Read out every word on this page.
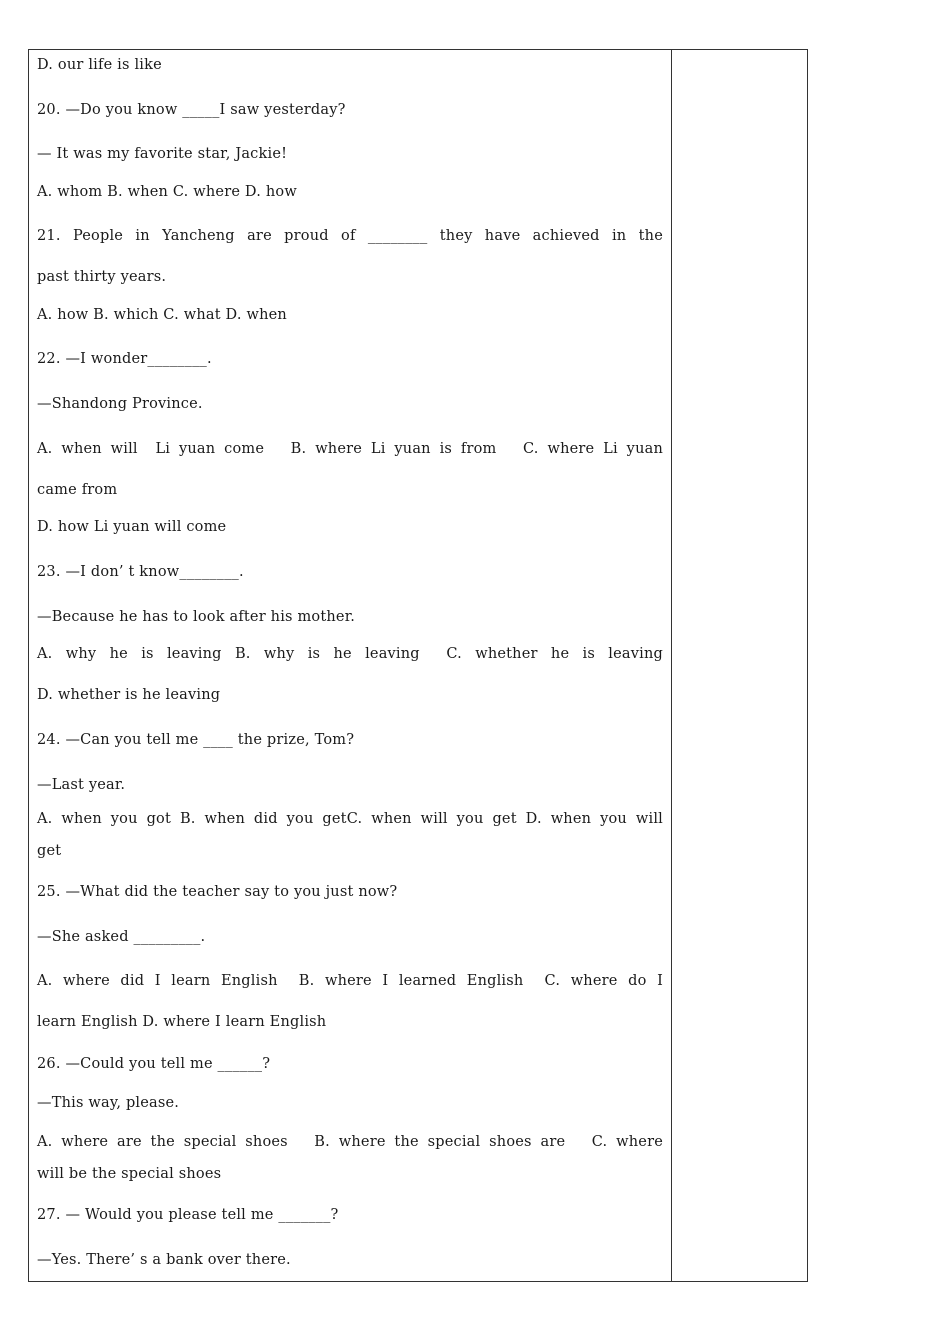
D. our life is like
20. —Do you know _____I saw yesterday?
— It was my favorite star, Jackie!
A. whom B. when C. where D. how
21. People in Yancheng are proud of ________ they have achieved in the
past thirty years.
A. how B. which C. what D. when
22. —I wonder________.
—Shandong Province.
A. when will  Li yuan come   B. where Li yuan is from   C. where Li yuan
came from
D. how Li yuan will come
23. —I don’ t know________.
—Because he has to look after his mother.
A. why he is leaving B. why is he leaving  C. whether he is leaving
D. whether is he leaving
24. —Can you tell me ____ the prize, Tom?
—Last year.
A. when you got B. when did you getC. when will you get D. when you will
get
25. —What did the teacher say to you just now?
—She asked _________.
A. where did I learn English  B. where I learned English  C. where do I
learn English D. where I learn English
26. —Could you tell me ______?
—This way, please.
A. where are the special shoes   B. where the special shoes are   C. where
will be the special shoes
27. — Would you please tell me _______?
—Yes. There’ s a bank over there.
